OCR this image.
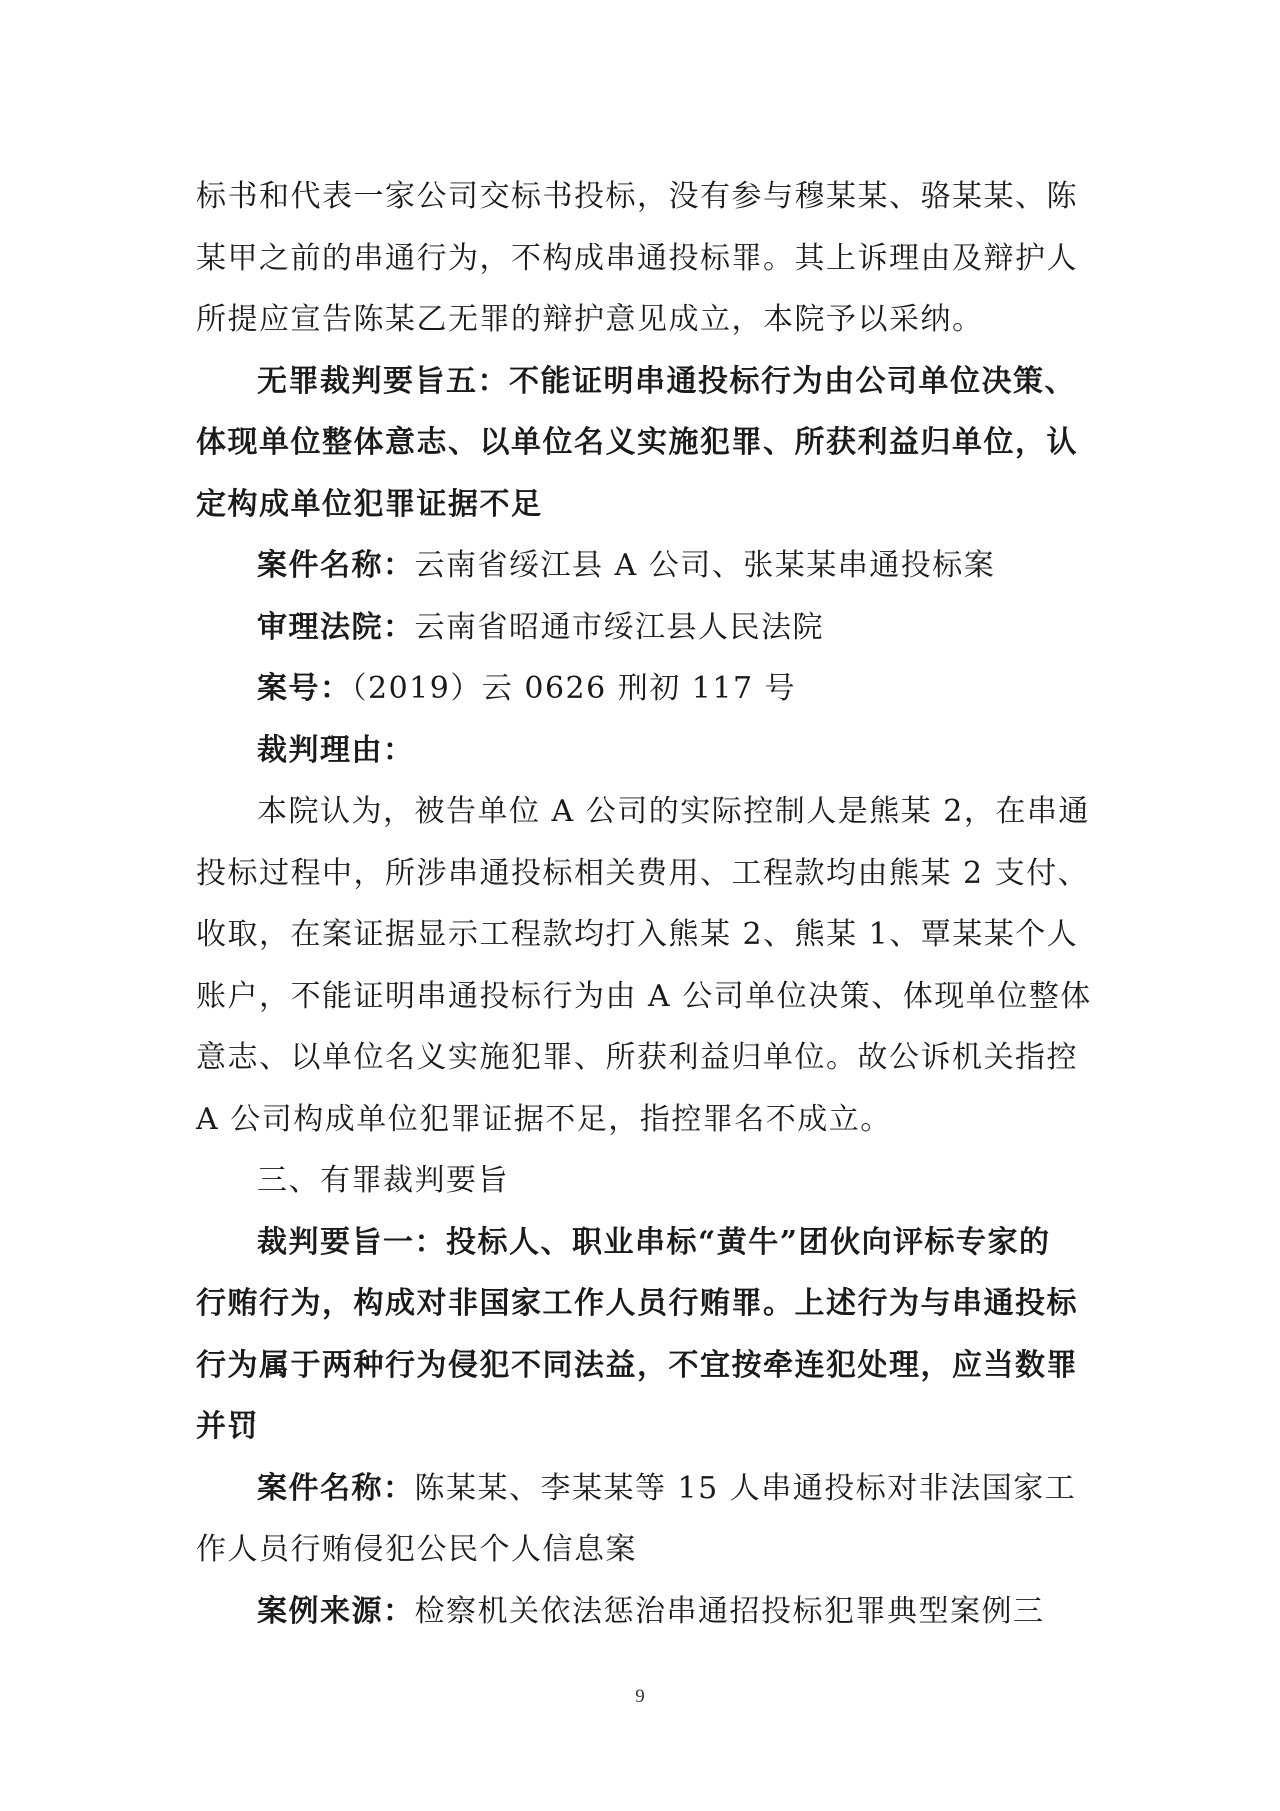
标书和代表一家公司交标书投标，没有参与穆某某、骆某某、陈
某甲之前的串通行为，不构成串通投标罪。其上诉理由及辩护人
所提应宣告陈某乙无罪的辩护意见成立，本院予以采纳。
无罪裁判要旨五：不能证明串通投标行为由公司单位决策、
体现单位整体意志、以单位名义实施犯罪、所获利益归单位，认
定构成单位犯罪证据不足
案件名称：云南省绥江县 A 公司、张某某串通投标案
审理法院：云南省昭通市绥江县人民法院
案号：（2019）云 0626 刑初 117 号
裁判理由：
本院认为，被告单位 A 公司的实际控制人是熊某 2，在串通
投标过程中，所涉串通投标相关费用、工程款均由熊某 2 支付、
收取，在案证据显示工程款均打入熊某 2、熊某 1、覃某某个人
账户，不能证明串通投标行为由 A 公司单位决策、体现单位整体
意志、以单位名义实施犯罪、所获利益归单位。故公诉机关指控
A 公司构成单位犯罪证据不足，指控罪名不成立。
三、有罪裁判要旨
裁判要旨一：投标人、职业串标“黄牛”团伙向评标专家的
行贿行为，构成对非国家工作人员行贿罪。上述行为与串通投标
行为属于两种行为侵犯不同法益，不宜按牵连犯处理，应当数罪
并罚
案件名称：陈某某、李某某等 15 人串通投标对非法国家工
作人员行贿侵犯公民个人信息案
案例来源：检察机关依法惩治串通招投标犯罪典型案例三
9
